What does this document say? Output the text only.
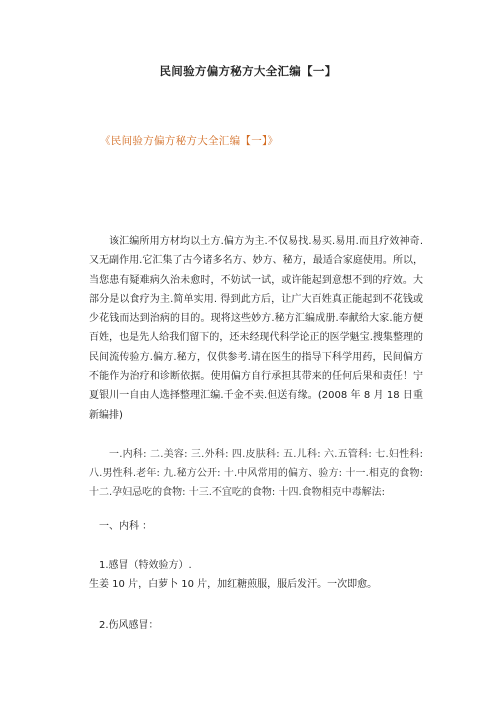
民间验方偏方秘方大全汇编【一】
《民间验方偏方秘方大全汇编【一】》

该汇编所用方材均以土方.偏方为主.不仅易找.易买.易用.而且疗效神奇.又无副作用.它汇集了古今诸多名方、妙方、秘方，最适合家庭使用。所以，当您患有疑难病久治未愈时，不妨试一试，或许能起到意想不到的疗效。大部分是以食疗为主.简单实用. 得到此方后，让广大百姓真正能起到不花钱或少花钱而达到治病的目的。现将这些妙方.秘方汇编成册.奉献给大家.能方便百姓，也是先人给我们留下的，还未经现代科学论正的医学魁宝.搜集整理的民间流传验方.偏方.秘方，仅供参考.请在医生的指导下科学用药，民间偏方不能作为治疗和诊断依据。使用偏方自行承担其带来的任何后果和责任！宁夏银川一自由人选择整理汇编.千金不卖.但送有缘。(2008 年 8 月 18 日重新编排)

一.内科: 二.美容: 三.外科: 四.皮肤科: 五.儿科: 六.五管科: 七.妇性科: 八.男性科.老年: 九.秘方公开: 十.中风常用的偏方、验方: 十一.相克的食物: 十二.孕妇忌吃的食物: 十三.不宜吃的食物: 十四.食物相克中毒解法:

一、内科 ：
1.感冒（特效验方）.
生姜 10 片，白萝卜 10 片，加红糖煎服，服后发汗。一次即愈。
2.伤风感冒：
